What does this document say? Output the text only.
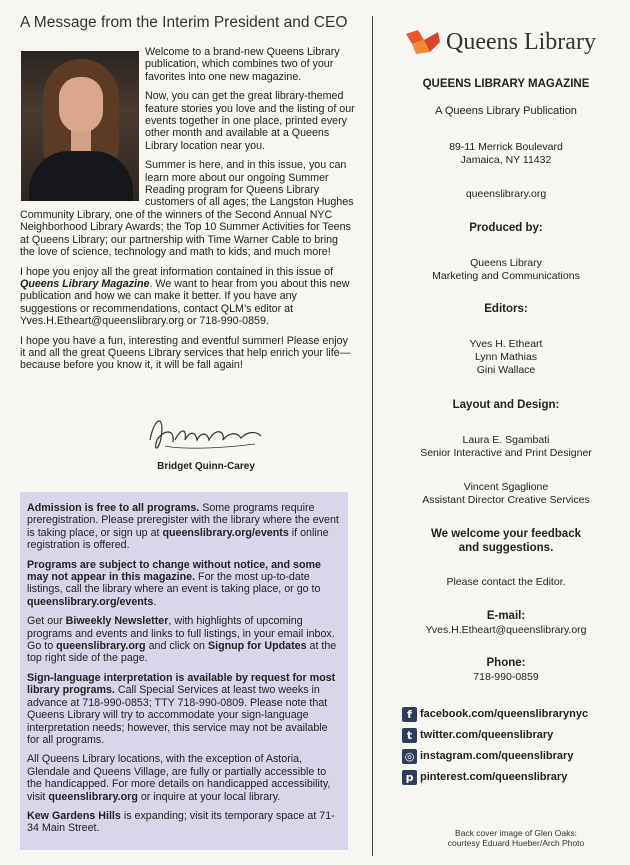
A Message from the Interim President and CEO

Welcome to a brand-new Queens Library publication, which combines two of your favorites into one new magazine.

Now, you can get the great library-themed feature stories you love and the listing of our events together in one place, printed every other month and available at a Queens Library location near you.

Summer is here, and in this issue, you can learn more about our ongoing Summer Reading program for Queens Library customers of all ages; the Langston Hughes Community Library, one of the winners of the Second Annual NYC Neighborhood Library Awards; the Top 10 Summer Activities for Teens at Queens Library; our partnership with Time Warner Cable to bring the love of science, technology and math to kids; and much more!

I hope you enjoy all the great information contained in this issue of Queens Library Magazine. We want to hear from you about this new publication and how we can make it better. If you have any suggestions or recommendations, contact QLM’s editor at Yves.H.Etheart@queenslibrary.org or 718-990-0859.

I hope you have a fun, interesting and eventful summer! Please enjoy it and all the great Queens Library services that help enrich your life—because before you know it, it will be fall again!

Bridget Quinn-Carey

Admission is free to all programs. Some programs require preregistration. Please preregister with the library where the event is taking place, or sign up at queenslibrary.org/events if online registration is offered.

Programs are subject to change without notice, and some may not appear in this magazine. For the most up-to-date listings, call the library where an event is taking place, or go to queenslibrary.org/events.

Get our Biweekly Newsletter, with highlights of upcoming programs and events and links to full listings, in your email inbox. Go to queenslibrary.org and click on Signup for Updates at the top right side of the page.

Sign-language interpretation is available by request for most library programs. Call Special Services at least two weeks in advance at 718-990-0853; TTY 718-990-0809. Please note that Queens Library will try to accommodate your sign-language interpretation needs; however, this service may not be available for all programs.

All Queens Library locations, with the exception of Astoria, Glendale and Queens Village, are fully or partially accessible to the handicapped. For more details on handicapped accessibility, visit queenslibrary.org or inquire at your local library.

Kew Gardens Hills is expanding; visit its temporary space at 71-34 Main Street.

Queens Library
QUEENS LIBRARY MAGAZINE
A Queens Library Publication
89-11 Merrick Boulevard
Jamaica, NY 11432
queenslibrary.org
Produced by:
Queens Library
Marketing and Communications
Editors:
Yves H. Etheart
Lynn Mathias
Gini Wallace
Layout and Design:
Laura E. Sgambati
Senior Interactive and Print Designer
Vincent Sgaglione
Assistant Director Creative Services
We welcome your feedback
and suggestions.
Please contact the Editor.
E-mail:
Yves.H.Etheart@queenslibrary.org
Phone:
718-990-0859
f facebook.com/queenslibrarynyc
t twitter.com/queenslibrary
◎ instagram.com/queenslibrary
p pinterest.com/queenslibrary
Back cover image of Glen Oaks:
courtesy Eduard Hueber/Arch Photo
